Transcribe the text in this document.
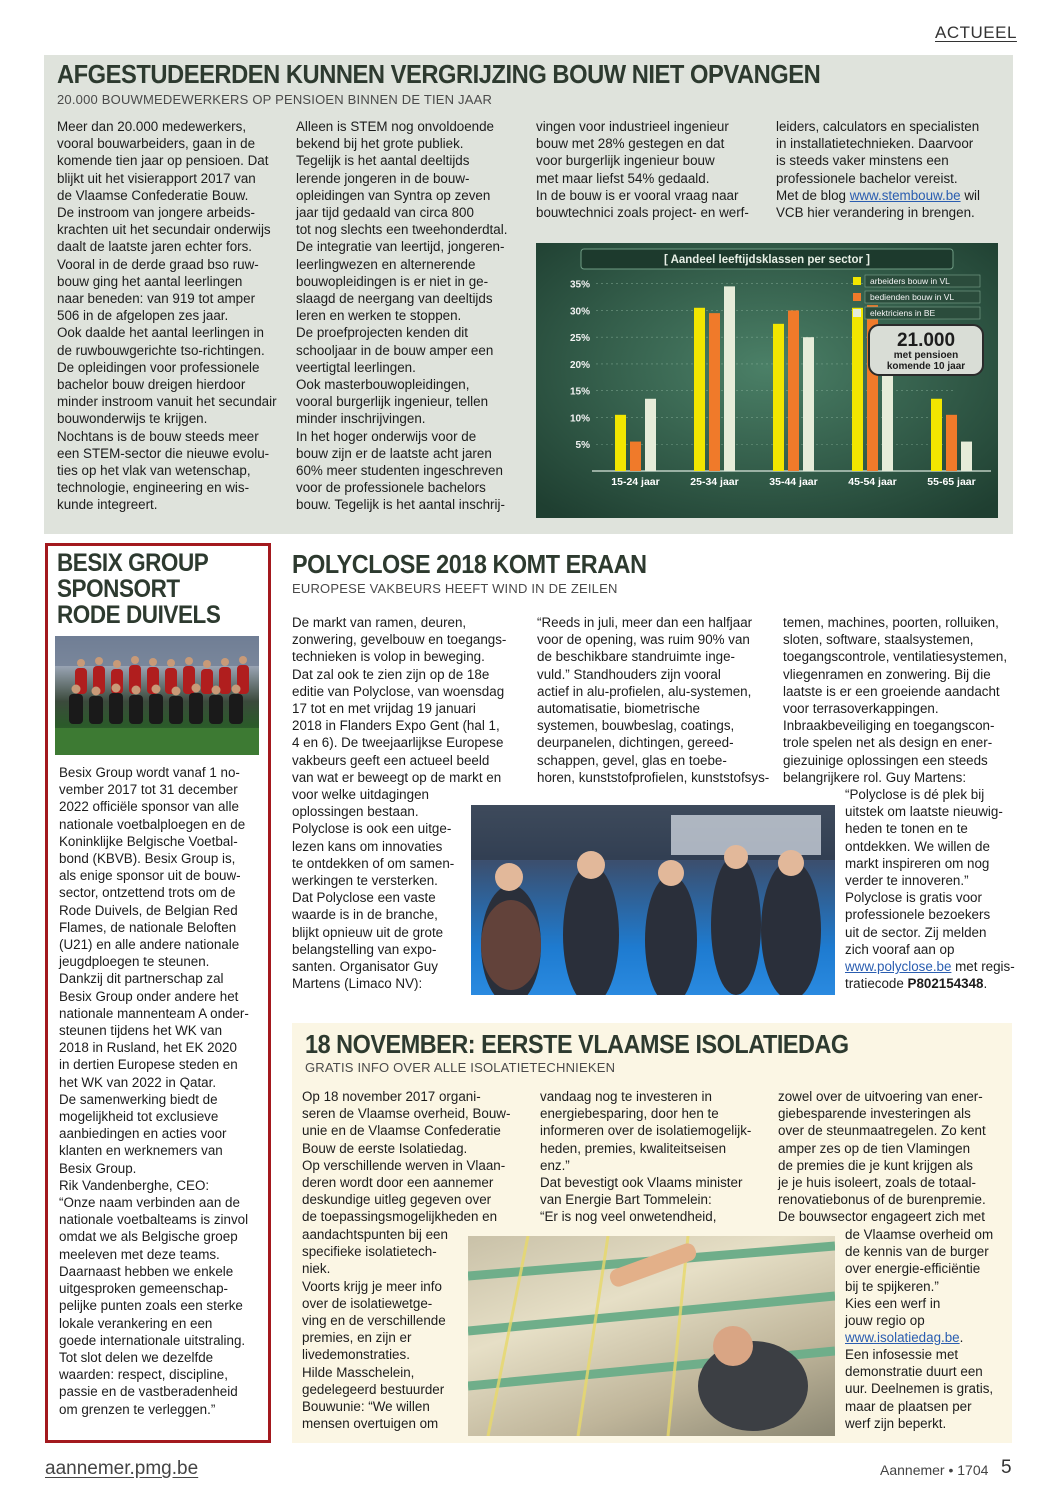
ACTUEEL
AFGESTUDEERDEN KUNNEN VERGRIJZING BOUW NIET OPVANGEN
20.000 BOUWMEDEWERKERS OP PENSIOEN BINNEN DE TIEN JAAR
Meer dan 20.000 medewerkers,
vooral bouwarbeiders, gaan in de
komende tien jaar op pensioen. Dat
blijkt uit het visierapport 2017 van
de Vlaamse Confederatie Bouw.
De instroom van jongere arbeids-
krachten uit het secundair onderwijs
daalt de laatste jaren echter fors.
Vooral in de derde graad bso ruw-
bouw ging het aantal leerlingen
naar beneden: van 919 tot amper
506 in de afgelopen zes jaar.
Ook daalde het aantal leerlingen in
de ruwbouwgerichte tso-richtingen.
De opleidingen voor professionele
bachelor bouw dreigen hierdoor
minder instroom vanuit het secundair
bouwonderwijs te krijgen.
Nochtans is de bouw steeds meer
een STEM-sector die nieuwe evolu-
ties op het vlak van wetenschap,
technologie, engineering en wis-
kunde integreert.
Alleen is STEM nog onvoldoende
bekend bij het grote publiek.
Tegelijk is het aantal deeltijds
lerende jongeren in de bouw-
opleidingen van Syntra op zeven
jaar tijd gedaald van circa 800
tot nog slechts een tweehonderdtal.
De integratie van leertijd, jongeren-
leerlingwezen en alternerende
bouwopleidingen is er niet in ge-
slaagd de neergang van deeltijds
leren en werken te stoppen.
De proefprojecten kenden dit
schooljaar in de bouw amper een
veertigtal leerlingen.
Ook masterbouwopleidingen,
vooral burgerlijk ingenieur, tellen
minder inschrijvingen.
In het hoger onderwijs voor de
bouw zijn er de laatste acht jaren
60% meer studenten ingeschreven
voor de professionele bachelors
bouw. Tegelijk is het aantal inschrij-
vingen voor industrieel ingenieur
bouw met 28% gestegen en dat
voor burgerlijk ingenieur bouw
met maar liefst 54% gedaald.
In de bouw is er vooral vraag naar
bouwtechnici zoals project- en werf-
leiders, calculators en specialisten
in installatietechnieken. Daarvoor
is steeds vaker minstens een
professionele bachelor vereist.
Met de blog www.stembouw.be wil
VCB hier verandering in brengen.
[ Aandeel leeftijdsklassen per sector ]
35%
30%
25%
20%
15%
10%
5%
15-24 jaar	25-34 jaar	35-44 jaar	45-54 jaar	55-65 jaar
arbeiders bouw in VL
bedienden bouw in VL
elektriciens in BE
21.000
met pensioen komende 10 jaar
BESIX GROUP
SPONSORT
RODE DUIVELS
Besix Group wordt vanaf 1 no-
vember 2017 tot 31 december
2022 officiële sponsor van alle
nationale voetbalploegen en de
Koninklijke Belgische Voetbal-
bond (KBVB). Besix Group is,
als enige sponsor uit de bouw-
sector, ontzettend trots om de
Rode Duivels, de Belgian Red
Flames, de nationale Beloften
(U21) en alle andere nationale
jeugdploegen te steunen.
Dankzij dit partnerschap zal
Besix Group onder andere het
nationale mannenteam A onder-
steunen tijdens het WK van
2018 in Rusland, het EK 2020
in dertien Europese steden en
het WK van 2022 in Qatar.
De samenwerking biedt de
mogelijkheid tot exclusieve
aanbiedingen en acties voor
klanten en werknemers van
Besix Group.
Rik Vandenberghe, CEO:
“Onze naam verbinden aan de
nationale voetbalteams is zinvol
omdat we als Belgische groep
meeleven met deze teams.
Daarnaast hebben we enkele
uitgesproken gemeenschap-
pelijke punten zoals een sterke
lokale verankering en een
goede internationale uitstraling.
Tot slot delen we dezelfde
waarden: respect, discipline,
passie en de vastberadenheid
om grenzen te verleggen.”
POLYCLOSE 2018 KOMT ERAAN
EUROPESE VAKBEURS HEEFT WIND IN DE ZEILEN
De markt van ramen, deuren,
zonwering, gevelbouw en toegangs-
technieken is volop in beweging.
Dat zal ook te zien zijn op de 18e
editie van Polyclose, van woensdag
17 tot en met vrijdag 19 januari
2018 in Flanders Expo Gent (hal 1,
4 en 6). De tweejaarlijkse Europese
vakbeurs geeft een actueel beeld
van wat er beweegt op de markt en
voor welke uitdagingen
oplossingen bestaan.
Polyclose is ook een uitge-
lezen kans om innovaties
te ontdekken of om samen-
werkingen te versterken.
Dat Polyclose een vaste
waarde is in de branche,
blijkt opnieuw uit de grote
belangstelling van expo-
santen. Organisator Guy
Martens (Limaco NV):
“Reeds in juli, meer dan een halfjaar
voor de opening, was ruim 90% van
de beschikbare standruimte inge-
vuld.” Standhouders zijn vooral
actief in alu-profielen, alu-systemen,
automatisatie, biometrische
systemen, bouwbeslag, coatings,
deurpanelen, dichtingen, gereed-
schappen, gevel, glas en toebe-
horen, kunststofprofielen, kunststofsys-
temen, machines, poorten, rolluiken,
sloten, software, staalsystemen,
toegangscontrole, ventilatiesystemen,
vliegenramen en zonwering. Bij die
laatste is er een groeiende aandacht
voor terrasoverkappingen.
Inbraakbeveiliging en toegangscon-
trole spelen net als design en ener-
giezuinige oplossingen een steeds
belangrijkere rol. Guy Martens:
“Polyclose is dé plek bij
uitstek om laatste nieuwig-
heden te tonen en te
ontdekken. We willen de
markt inspireren om nog
verder te innoveren.”
Polyclose is gratis voor
professionele bezoekers
uit de sector. Zij melden
zich vooraf aan op
www.polyclose.be met regis-
tratiecode P802154348.
18 NOVEMBER: EERSTE VLAAMSE ISOLATIEDAG
GRATIS INFO OVER ALLE ISOLATIETECHNIEKEN
Op 18 november 2017 organi-
seren de Vlaamse overheid, Bouw-
unie en de Vlaamse Confederatie
Bouw de eerste Isolatiedag.
Op verschillende werven in Vlaan-
deren wordt door een aannemer
deskundige uitleg gegeven over
de toepassingsmogelijkheden en
aandachtspunten bij een
specifieke isolatietech-
niek.
Voorts krijg je meer info
over de isolatiewetge-
ving en de verschillende
premies, en zijn er
livedemonstraties.
Hilde Masschelein,
gedelegeerd bestuurder
Bouwunie: “We willen
mensen overtuigen om
vandaag nog te investeren in
energiebesparing, door hen te
informeren over de isolatiemogelijk-
heden, premies, kwaliteitseisen
enz.”
Dat bevestigt ook Vlaams minister
van Energie Bart Tommelein:
“Er is nog veel onwetendheid,
zowel over de uitvoering van ener-
giebesparende investeringen als
over de steunmaatregelen. Zo kent
amper zes op de tien Vlamingen
de premies die je kunt krijgen als
je je huis isoleert, zoals de totaal-
renovatiebonus of de burenpremie.
De bouwsector engageert zich met
de Vlaamse overheid om
de kennis van de burger
over energie-efficiëntie
bij te spijkeren.”
Kies een werf in
jouw regio op
www.isolatiedag.be.
Een infosessie met
demonstratie duurt een
uur. Deelnemen is gratis,
maar de plaatsen per
werf zijn beperkt.
aannemer.pmg.be	Aannemer • 1704 5
